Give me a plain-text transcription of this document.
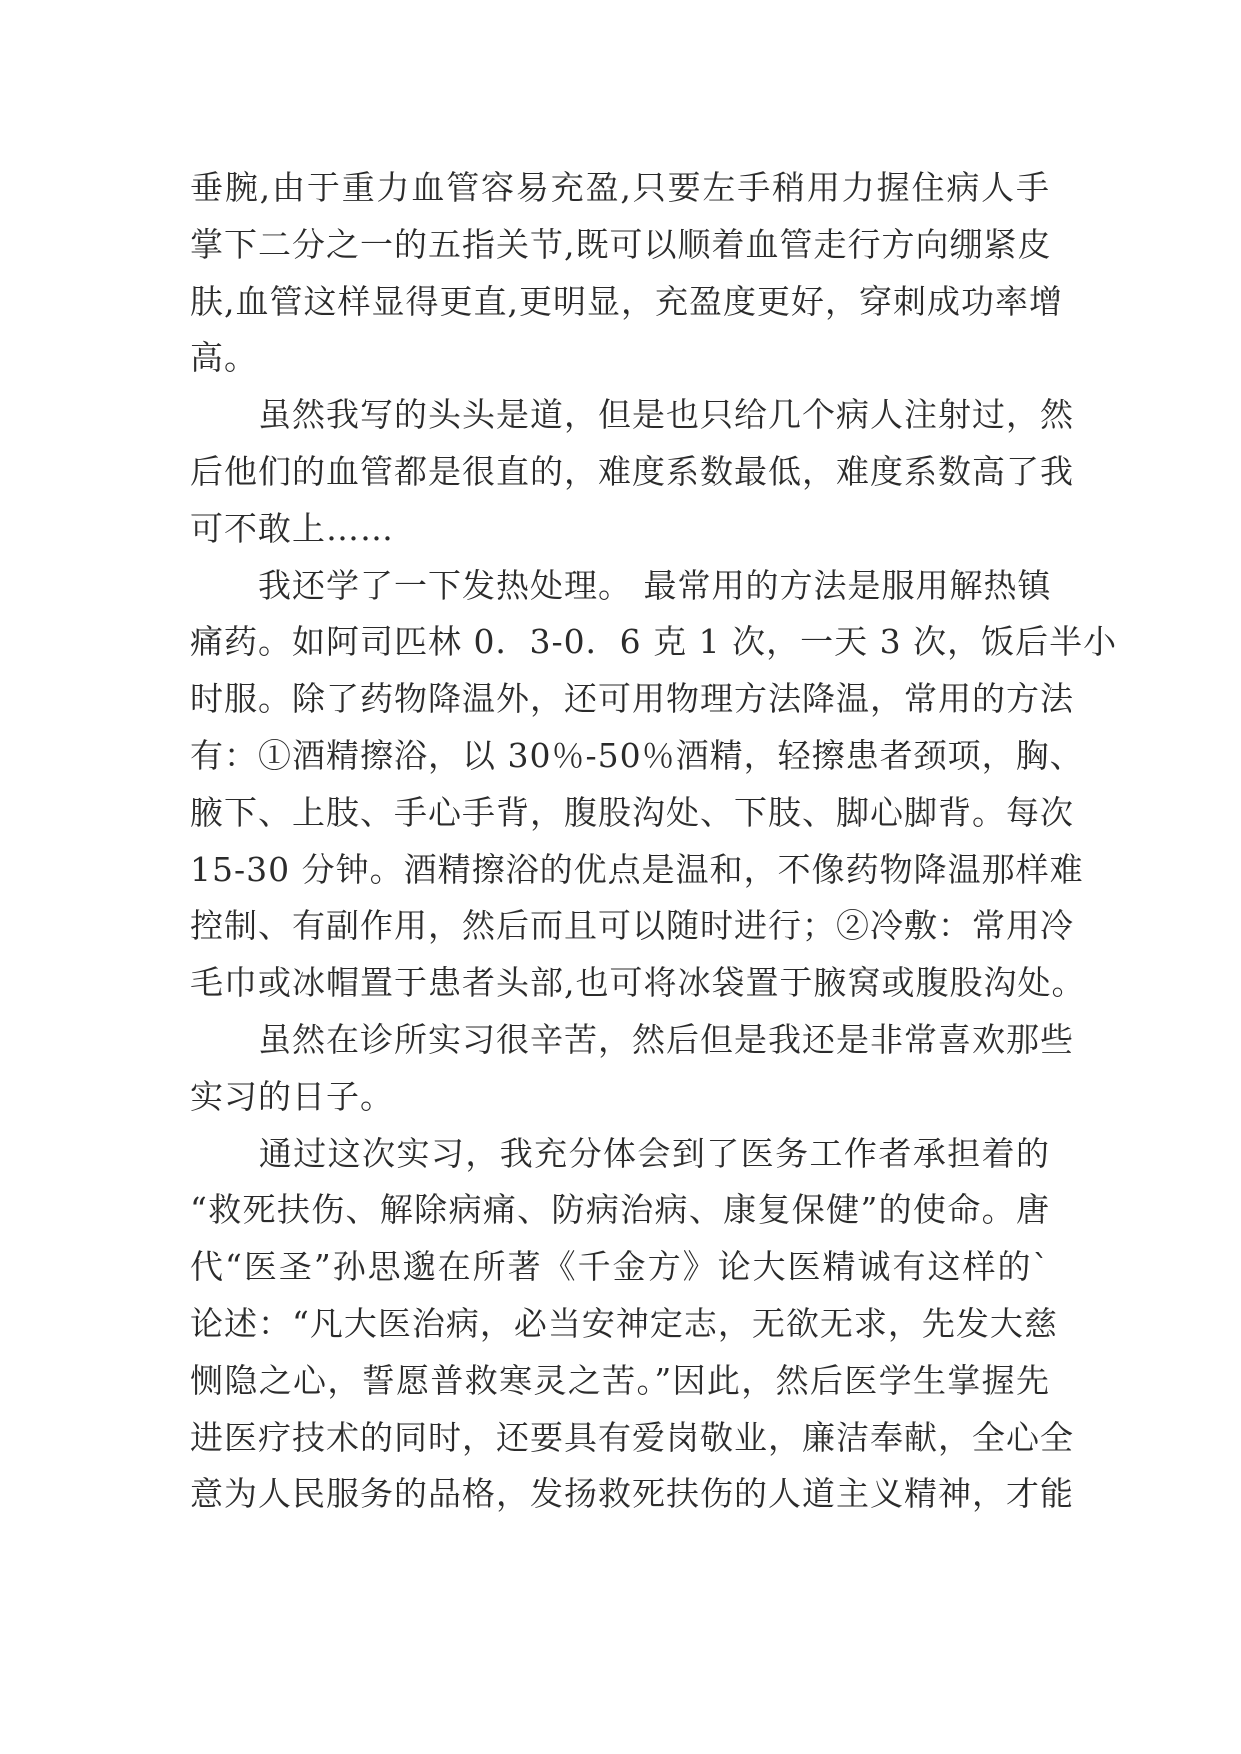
垂腕,由于重力血管容易充盈,只要左手稍用力握住病人手
掌下二分之一的五指关节,既可以顺着血管走行方向绷紧皮
肤,血管这样显得更直,更明显，充盈度更好，穿刺成功率增
高。
　　虽然我写的头头是道，但是也只给几个病人注射过，然
后他们的血管都是很直的，难度系数最低，难度系数高了我
可不敢上……
　　我还学了一下发热处理。 最常用的方法是服用解热镇
痛药。如阿司匹林 0．3-0．6 克 1 次，一天 3 次，饭后半小
时服。除了药物降温外，还可用物理方法降温，常用的方法
有：①酒精擦浴，以 30％-50％酒精，轻擦患者颈项，胸、
腋下、上肢、手心手背，腹股沟处、下肢、脚心脚背。每次
15-30 分钟。酒精擦浴的优点是温和，不像药物降温那样难
控制、有副作用，然后而且可以随时进行；②冷敷：常用冷
毛巾或冰帽置于患者头部,也可将冰袋置于腋窝或腹股沟处。
　　虽然在诊所实习很辛苦，然后但是我还是非常喜欢那些
实习的日子。
　　通过这次实习，我充分体会到了医务工作者承担着的
“救死扶伤、解除病痛、防病治病、康复保健”的使命。唐
代“医圣”孙思邈在所著《千金方》论大医精诚有这样的`
论述：“凡大医治病，必当安神定志，无欲无求，先发大慈
恻隐之心，誓愿普救寒灵之苦。”因此，然后医学生掌握先
进医疗技术的同时，还要具有爱岗敬业，廉洁奉献，全心全
意为人民服务的品格，发扬救死扶伤的人道主义精神，才能
